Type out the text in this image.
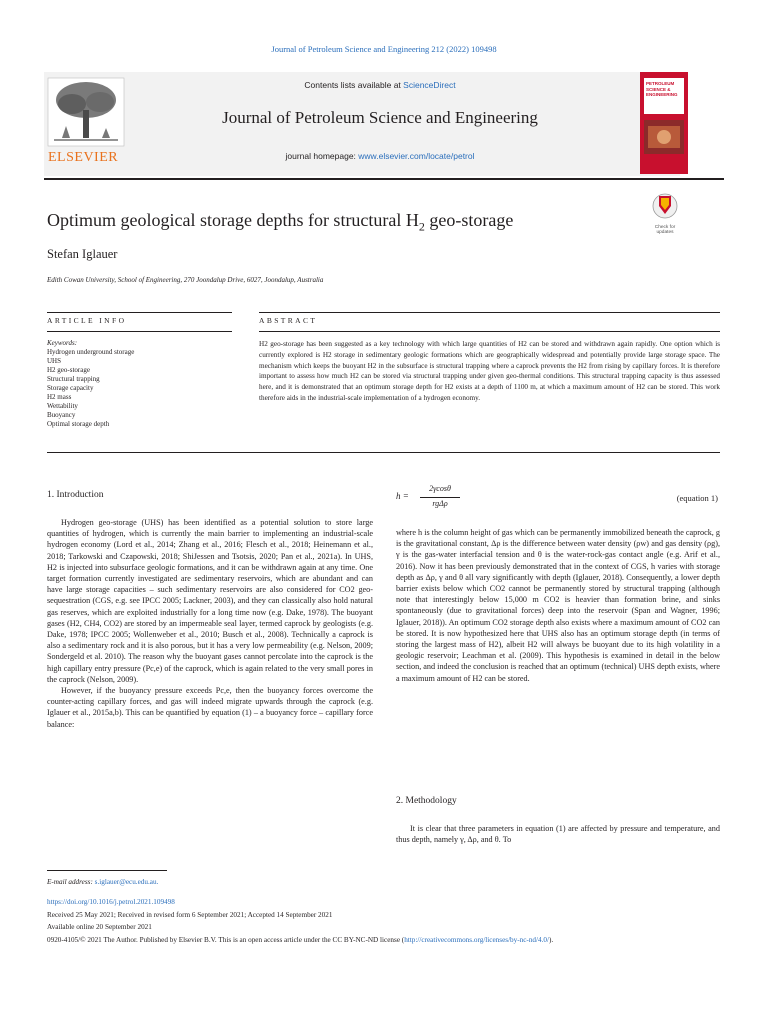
Journal of Petroleum Science and Engineering 212 (2022) 109498
ELSEVIER
Contents lists available at ScienceDirect
Journal of Petroleum Science and Engineering
journal homepage: www.elsevier.com/locate/petrol
PETROLEUM SCIENCE & ENGINEERING
Optimum geological storage depths for structural $H_2$ geo-storage	Check for updates
Stefan Iglauer
Edith Cowan University, School of Engineering, 270 Joondalup Drive, 6027, Joondalup, Australia
ARTICLE INFO	ABSTRACT
Keywords:
Hydrogen underground storage
UHS
H2 geo-storage
Structural trapping
Storage capacity
H2 mass
Wettability
Buoyancy
Optimal storage depth
H2 geo-storage has been suggested as a key technology with which large quantities of H2 can be stored and withdrawn again rapidly. One option which is currently explored is H2 storage in sedimentary geologic formations which are geographically widespread and potentially provide large storage space. The mechanism which keeps the buoyant H2 in the subsurface is structural trapping where a caprock prevents the H2 from rising by capillary forces. It is therefore important to assess how much H2 can be stored via structural trapping under given geo-thermal conditions. This structural trapping capacity is thus assessed here, and it is demonstrated that an optimum storage depth for H2 exists at a depth of 1100 m, at which a maximum amount of H2 can be stored. This work therefore aids in the industrial-scale implementation of a hydrogen economy.
1. Introduction

Hydrogen geo-storage (UHS) has been identified as a potential solution to store large quantities of hydrogen, which is currently the main barrier to implementing an industrial-scale hydrogen economy (Lord et al., 2014; Zhang et al., 2016; Flesch et al., 2018; Heinemann et al., 2018; Tarkowski and Czapowski, 2018; ShiJessen and Tsotsis, 2020; Pan et al., 2021a). In UHS, H2 is injected into subsurface geologic formations, and it can be withdrawn again at any time. One target formation currently investigated are sedimentary reservoirs, which are abundant and can have large storage capacities – such sedimentary reservoirs are also considered for CO2 geo-sequestration (CGS, e.g. see IPCC 2005; Lackner, 2003), and they can classically also hold natural gas reserves, which are exploited industrially for a long time now (e.g. Dake, 1978). The buoyant gases (H2, CH4, CO2) are stored by an impermeable seal layer, termed caprock by geologists (e.g. Dake, 1978; IPCC 2005; Wollenweber et al., 2010; Busch et al., 2008). Technically a caprock is also a sedimentary rock and it is also porous, but it has a very low permeability (e.g. Nelson, 2009; Sondergeld et al. 2010). The reason why the buoyant gases cannot percolate into the caprock is the high capillary entry pressure (Pc,e) of the caprock, which is again related to the very small pores in the caprock (Nelson, 2009).

However, if the buoyancy pressure exceeds Pc,e, then the buoyancy forces overcome the counter-acting capillary forces, and gas will indeed migrate upwards through the caprock (e.g. Iglauer et al., 2015a,b). This can be quantified by equation (1) – a buoyancy force – capillary force balance:

h =
2γcosθ
rgΔρ
(equation 1)

where h is the column height of gas which can be permanently immobilized beneath the caprock, g is the gravitational constant, Δρ is the difference between water density (ρw) and gas density (ρg), γ is the gas-water interfacial tension and θ is the water-rock-gas contact angle (e.g. Arif et al., 2016). Now it has been previously demonstrated that in the context of CGS, h varies with storage depth as Δρ, γ and θ all vary significantly with depth (Iglauer, 2018). Consequently, a lower depth barrier exists below which CO2 cannot be permanently stored by structural trapping (although note that interestingly below 15,000 m CO2 is heavier than formation brine, and sinks spontaneously (due to gravitational forces) deep into the reservoir (Span and Wagner, 1996; Iglauer, 2018)). An optimum CO2 storage depth also exists where a maximum amount of CO2 can be stored. It is now hypothesized here that UHS also has an optimum storage depth (in terms of storing the largest mass of H2), albeit H2 will always be buoyant due to its high volatility in a geologic reservoir; Leachman et al. (2009). This hypothesis is examined in detail in the below section, and indeed the conclusion is reached that an optimum (technical) UHS depth exists, where a maximum amount of H2 can be stored.

2. Methodology

It is clear that three parameters in equation (1) are affected by pressure and temperature, and thus depth, namely γ, Δρ, and θ. To

E-mail address: s.iglauer@ecu.edu.au.
https://doi.org/10.1016/j.petrol.2021.109498
Received 25 May 2021; Received in revised form 6 September 2021; Accepted 14 September 2021
Available online 20 September 2021
0920-4105/© 2021 The Author. Published by Elsevier B.V. This is an open access article under the CC BY-NC-ND license (http://creativecommons.org/licenses/by-nc-nd/4.0/).
